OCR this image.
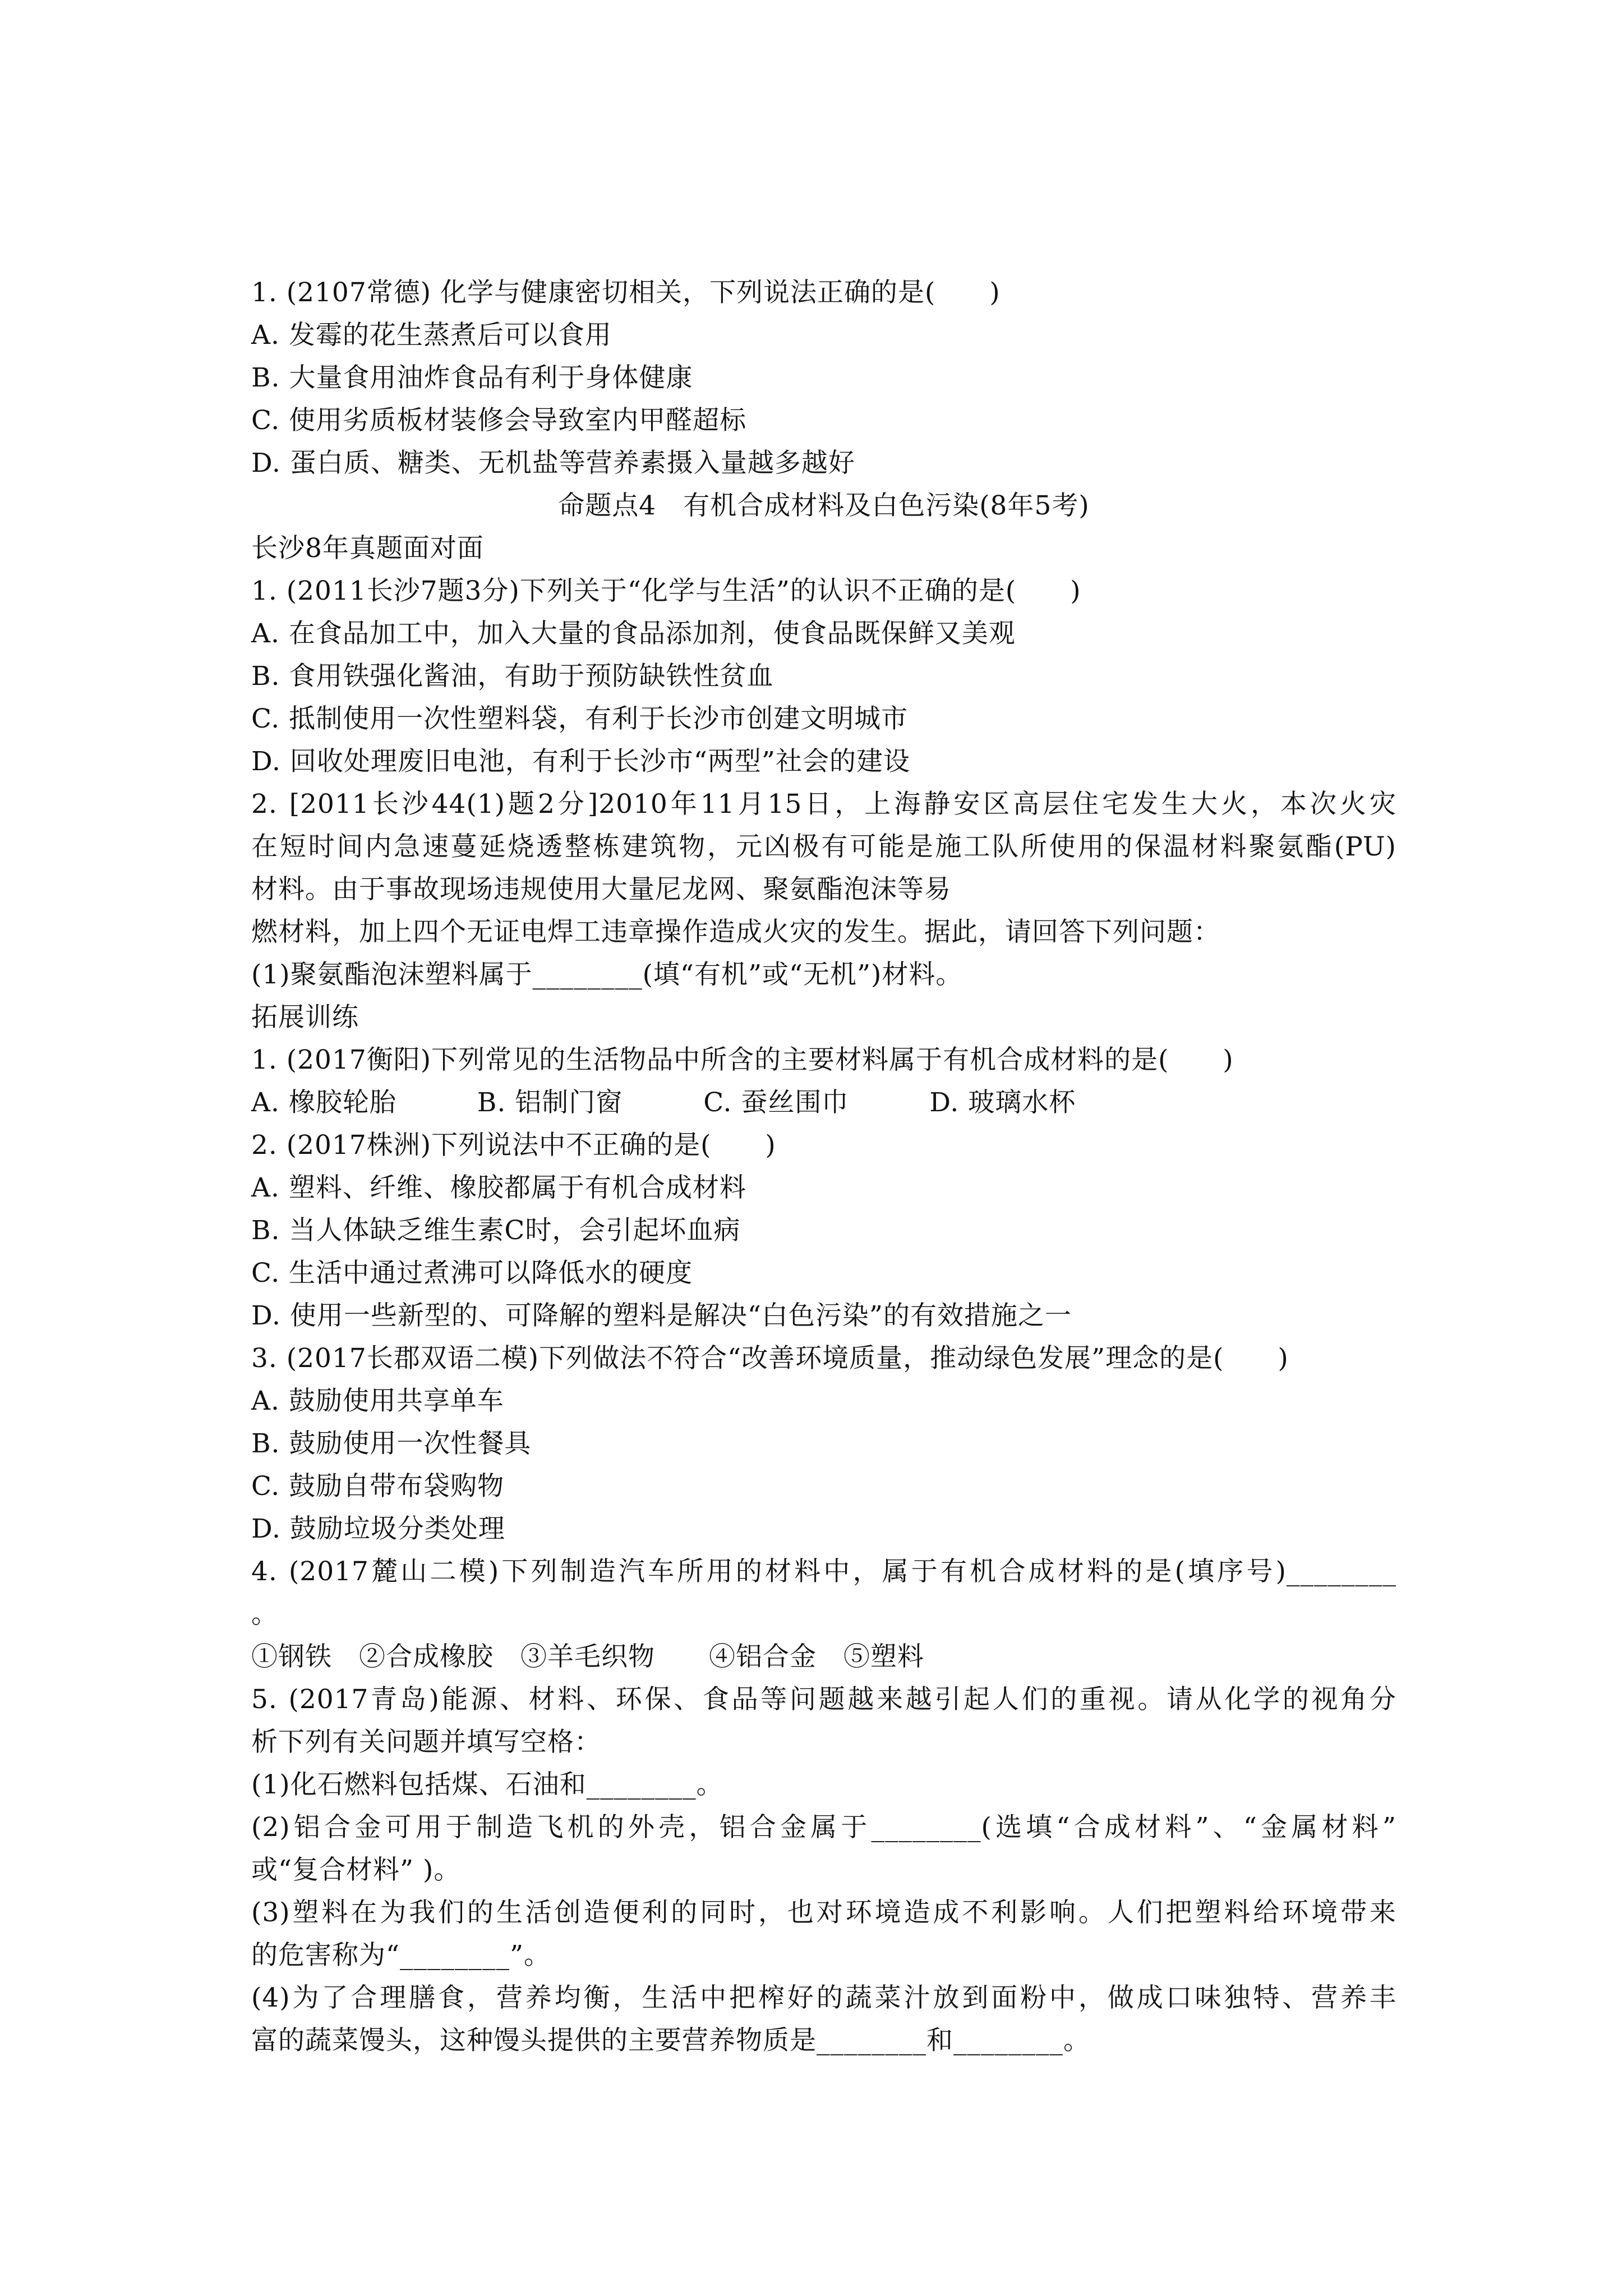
1. (2107常德) 化学与健康密切相关，下列说法正确的是(　　)
A. 发霉的花生蒸煮后可以食用
B. 大量食用油炸食品有利于身体健康
C. 使用劣质板材装修会导致室内甲醛超标
D. 蛋白质、糖类、无机盐等营养素摄入量越多越好
命题点4　有机合成材料及白色污染(8年5考)
长沙8年真题面对面
1. (2011长沙7题3分)下列关于“化学与生活”的认识不正确的是(　　)
A. 在食品加工中，加入大量的食品添加剂，使食品既保鲜又美观
B. 食用铁强化酱油，有助于预防缺铁性贫血
C. 抵制使用一次性塑料袋，有利于长沙市创建文明城市
D. 回收处理废旧电池，有利于长沙市“两型”社会的建设
2. [2011长沙44(1)题2分]2010年11月15日，上海静安区高层住宅发生大火，本次火灾
在短时间内急速蔓延烧透整栋建筑物，元凶极有可能是施工队所使用的保温材料聚氨酯(PU)
材料。由于事故现场违规使用大量尼龙网、聚氨酯泡沫等易
燃材料，加上四个无证电焊工违章操作造成火灾的发生。据此，请回答下列问题：
(1)聚氨酯泡沫塑料属于________(填“有机”或“无机”)材料。
拓展训练
1. (2017衡阳)下列常见的生活物品中所含的主要材料属于有机合成材料的是(　　)
A. 橡胶轮胎　　　B. 铝制门窗　　　C. 蚕丝围巾　　　D. 玻璃水杯
2. (2017株洲)下列说法中不正确的是(　　)
A. 塑料、纤维、橡胶都属于有机合成材料
B. 当人体缺乏维生素C时，会引起坏血病
C. 生活中通过煮沸可以降低水的硬度
D. 使用一些新型的、可降解的塑料是解决“白色污染”的有效措施之一
3. (2017长郡双语二模)下列做法不符合“改善环境质量，推动绿色发展”理念的是(　　)
A. 鼓励使用共享单车
B. 鼓励使用一次性餐具
C. 鼓励自带布袋购物
D. 鼓励垃圾分类处理
4. (2017麓山二模)下列制造汽车所用的材料中，属于有机合成材料的是(填序号)________
。
①钢铁　②合成橡胶　③羊毛织物　　④铝合金　⑤塑料
5. (2017青岛)能源、材料、环保、食品等问题越来越引起人们的重视。请从化学的视角分
析下列有关问题并填写空格：
(1)化石燃料包括煤、石油和________。
(2)铝合金可用于制造飞机的外壳，铝合金属于________(选填“合成材料”、“金属材料”
或“复合材料” )。
(3)塑料在为我们的生活创造便利的同时，也对环境造成不利影响。人们把塑料给环境带来
的危害称为“________”。
(4)为了合理膳食，营养均衡，生活中把榨好的蔬菜汁放到面粉中，做成口味独特、营养丰
富的蔬菜馒头，这种馒头提供的主要营养物质是________和________。
